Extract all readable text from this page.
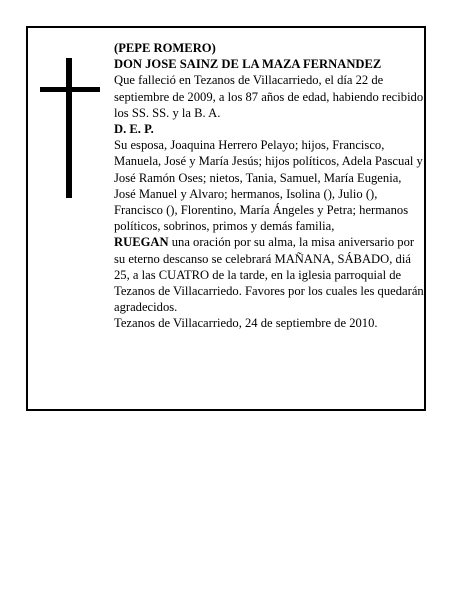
(PEPE ROMERO)

DON JOSE SAINZ DE LA MAZA FERNANDEZ

Que falleció en Tezanos de Villacarriedo, el día 22 de septiembre de 2009, a los 87 años de edad, habiendo recibido los SS. SS. y la B. A.

D. E. P.

Su esposa, Joaquina Herrero Pelayo; hijos, Francisco, Manuela, José y María Jesús; hijos políticos, Adela Pascual y José Ramón Oses; nietos, Tania, Samuel, María Eugenia, José Manuel y Alvaro; hermanos, Isolina (), Julio (), Francisco (), Florentino, María Ángeles y Petra; hermanos políticos, sobrinos, primos y demás familia,

RUEGAN una oración por su alma, la misa aniversario por su eterno descanso se celebrará MAÑANA, SÁBADO, diá 25, a las CUATRO de la tarde, en la iglesia parroquial de Tezanos de Villacarriedo. Favores por los cuales les quedarán agradecidos.

Tezanos de Villacarriedo, 24 de septiembre de 2010.
